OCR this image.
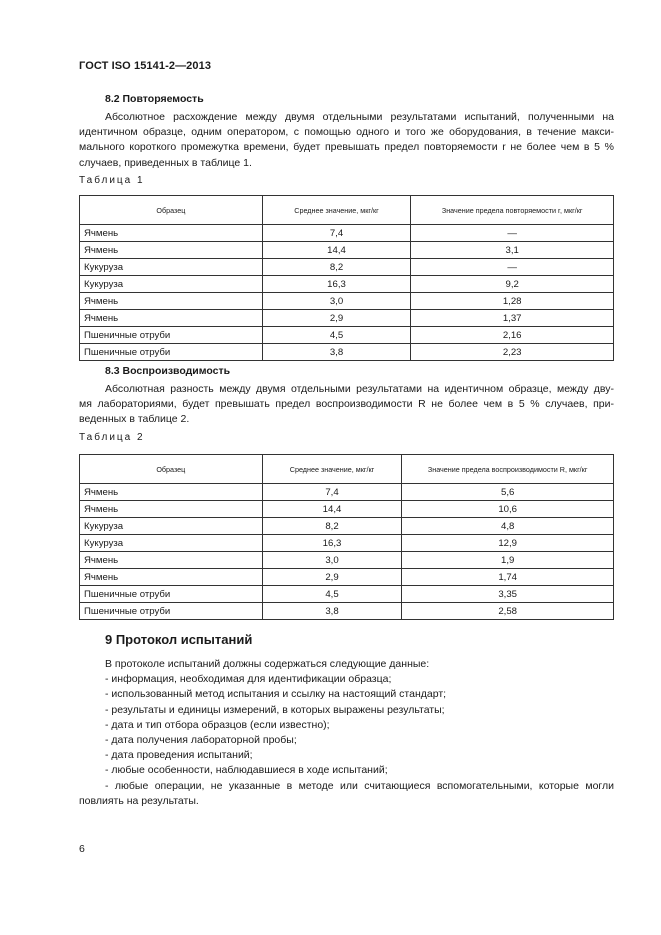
ГОСТ ISO 15141-2—2013
8.2 Повторяемость
Абсолютное расхождение между двумя отдельными результатами испытаний, полученными на
идентичном образце, одним оператором, с помощью одного и того же оборудования, в течение макси-
мального короткого промежутка времени, будет превышать предел повторяемости r не более чем в 5 %
случаев, приведенных в таблице 1.
Таблица 1
Образец	Среднее значение, мкг/кг	Значение предела повторяемости r, мкг/кг
Ячмень	7,4	—
Ячмень	14,4	3,1
Кукуруза	8,2	—
Кукуруза	16,3	9,2
Ячмень	3,0	1,28
Ячмень	2,9	1,37
Пшеничные отруби	4,5	2,16
Пшеничные отруби	3,8	2,23
8.3 Воспроизводимость
Абсолютная разность между двумя отдельными результатами на идентичном образце, между дву-
мя лабораториями, будет превышать предел воспроизводимости R не более чем в 5 % случаев, при-
веденных в таблице 2.
Таблица 2
Образец	Среднее значение, мкг/кг	Значение предела воспроизводимости R, мкг/кг
Ячмень	7,4	5,6
Ячмень	14,4	10,6
Кукуруза	8,2	4,8
Кукуруза	16,3	12,9
Ячмень	3,0	1,9
Ячмень	2,9	1,74
Пшеничные отруби	4,5	3,35
Пшеничные отруби	3,8	2,58
9 Протокол испытаний
В протоколе испытаний должны содержаться следующие данные:
- информация, необходимая для идентификации образца;
- использованный метод испытания и ссылку на настоящий стандарт;
- результаты и единицы измерений, в которых выражены результаты;
- дата и тип отбора образцов (если известно);
- дата получения лабораторной пробы;
- дата проведения испытаний;
- любые особенности, наблюдавшиеся в ходе испытаний;
- любые операции, не указанные в методе или считающиеся вспомогательными, которые могли
повлиять на результаты.
6
